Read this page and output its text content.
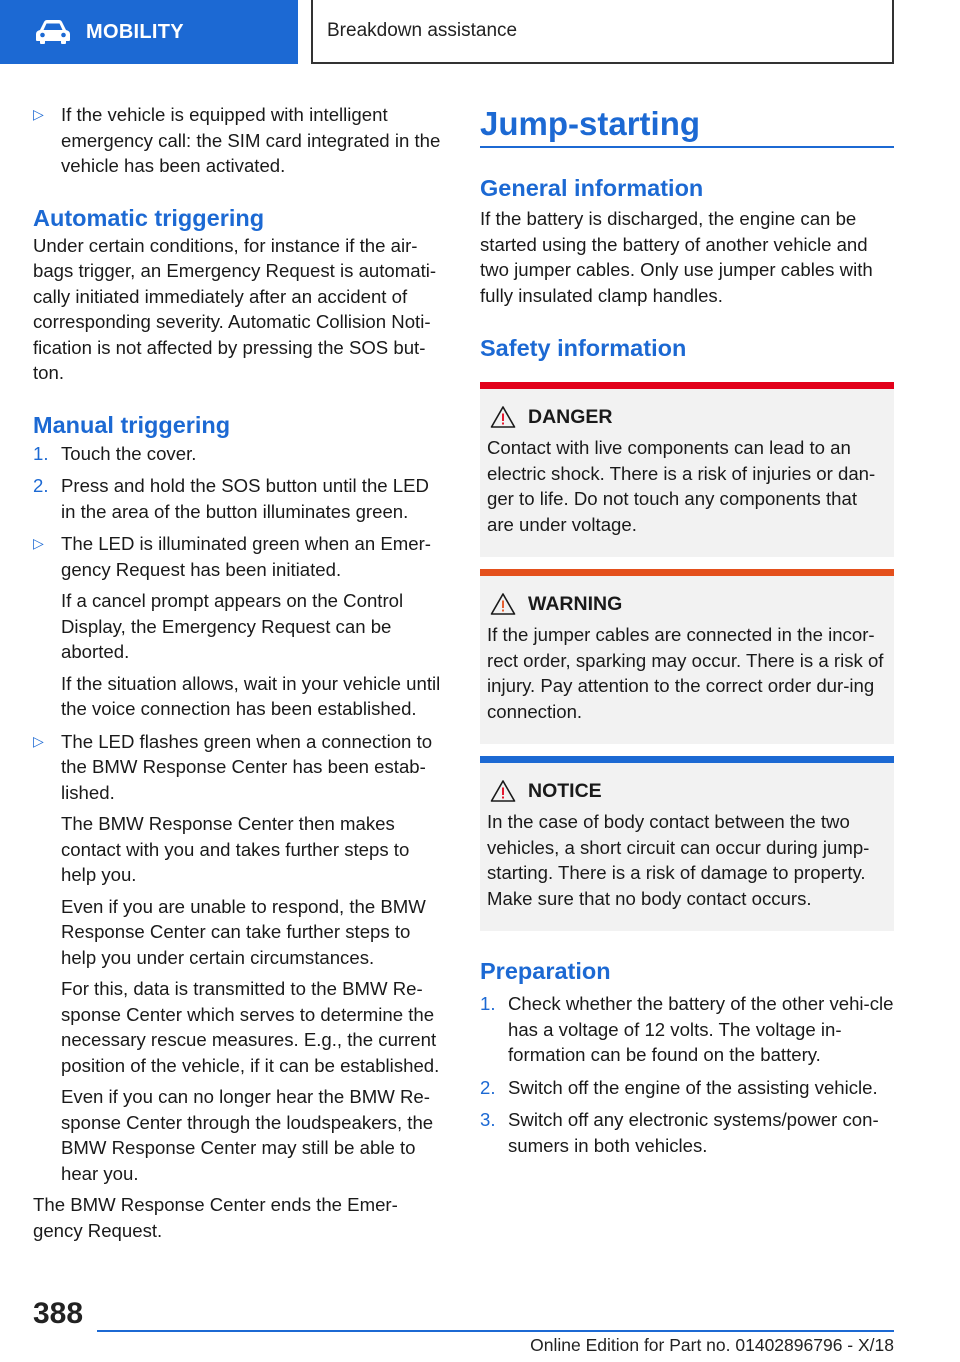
MOBILITY	Breakdown assistance

▷ If the vehicle is equipped with intelligent emergency call: the SIM card integrated in the vehicle has been activated.

Automatic triggering

Under certain conditions, for instance if the air-bags trigger, an Emergency Request is automati-cally initiated immediately after an accident of corresponding severity. Automatic Collision Noti-fication is not affected by pressing the SOS but-ton.

Manual triggering

1. Touch the cover.

2. Press and hold the SOS button until the LED in the area of the button illuminates green.

▷ The LED is illuminated green when an Emer-gency Request has been initiated.

If a cancel prompt appears on the Control Display, the Emergency Request can be aborted.

If the situation allows, wait in your vehicle until the voice connection has been established.

▷ The LED flashes green when a connection to the BMW Response Center has been estab-lished.

The BMW Response Center then makes contact with you and takes further steps to help you.

Even if you are unable to respond, the BMW Response Center can take further steps to help you under certain circumstances.

For this, data is transmitted to the BMW Re-sponse Center which serves to determine the necessary rescue measures. E.g., the current position of the vehicle, if it can be established.

Even if you can no longer hear the BMW Re-sponse Center through the loudspeakers, the BMW Response Center may still be able to hear you.

The BMW Response Center ends the Emer-gency Request.

Jump-starting

General information

If the battery is discharged, the engine can be started using the battery of another vehicle and two jumper cables. Only use jumper cables with fully insulated clamp handles.

Safety information

DANGER

Contact with live components can lead to an electric shock. There is a risk of injuries or dan-ger to life. Do not touch any components that are under voltage.

WARNING

If the jumper cables are connected in the incor-rect order, sparking may occur. There is a risk of injury. Pay attention to the correct order dur-ing connection.

NOTICE

In the case of body contact between the two vehicles, a short circuit can occur during jump-starting. There is a risk of damage to property. Make sure that no body contact occurs.

Preparation

1. Check whether the battery of the other vehi-cle has a voltage of 12 volts. The voltage in-formation can be found on the battery.

2. Switch off the engine of the assisting vehicle.

3. Switch off any electronic systems/power con-sumers in both vehicles.

388
Online Edition for Part no. 01402896796 - X/18
